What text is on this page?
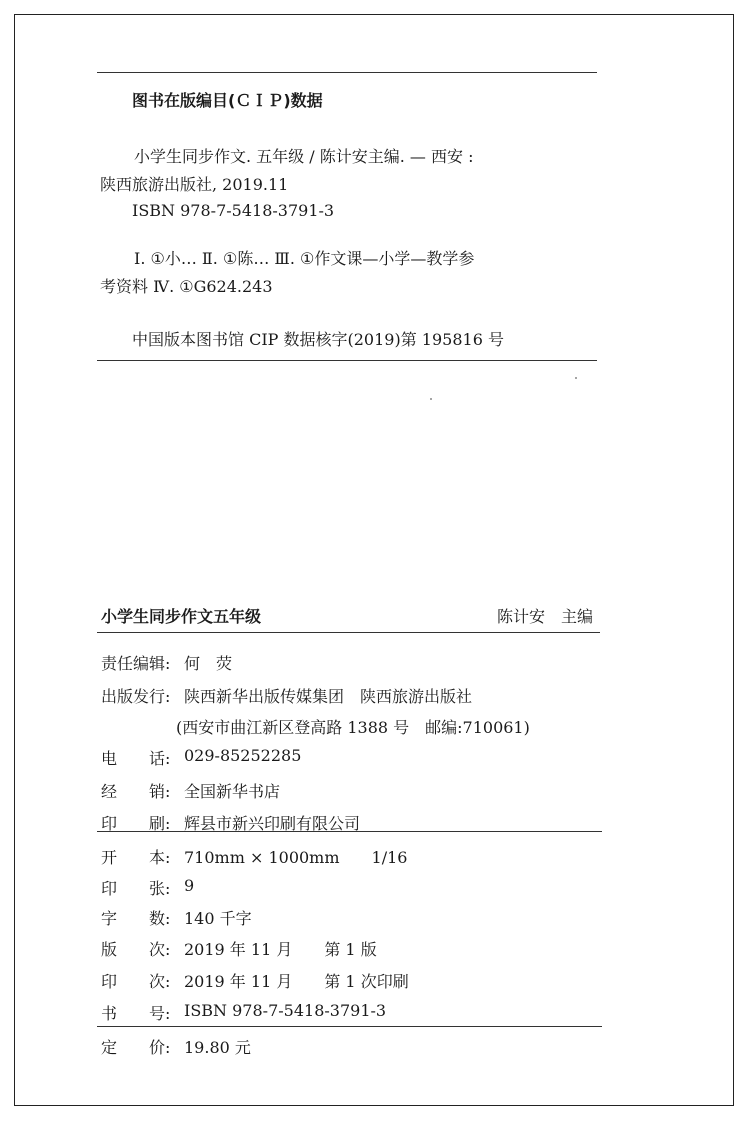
图书在版编目(ＣＩＰ)数据
小学生同步作文. 五年级 / 陈计安主编. — 西安 :
陕西旅游出版社, 2019.11
ISBN 978-7-5418-3791-3
Ⅰ. ①小… Ⅱ. ①陈… Ⅲ. ①作文课—小学—教学参
考资料 Ⅳ. ①G624.243
中国版本图书馆 CIP 数据核字(2019)第 195816 号
小学生同步作文五年级	陈计安　主编
责任编辑: 何　荧
出版发行: 陕西新华出版传媒集团　陕西旅游出版社
(西安市曲江新区登高路 1388 号　邮编:710061)
电　　话: 029-85252285
经　　销: 全国新华书店
印　　刷: 辉县市新兴印刷有限公司
开　　本: 710mm × 1000mm　　1/16
印　　张: 9
字　　数: 140 千字
版　　次: 2019 年 11 月　　第 1 版
印　　次: 2019 年 11 月　　第 1 次印刷
书　　号: ISBN 978-7-5418-3791-3
定　　价: 19.80 元
